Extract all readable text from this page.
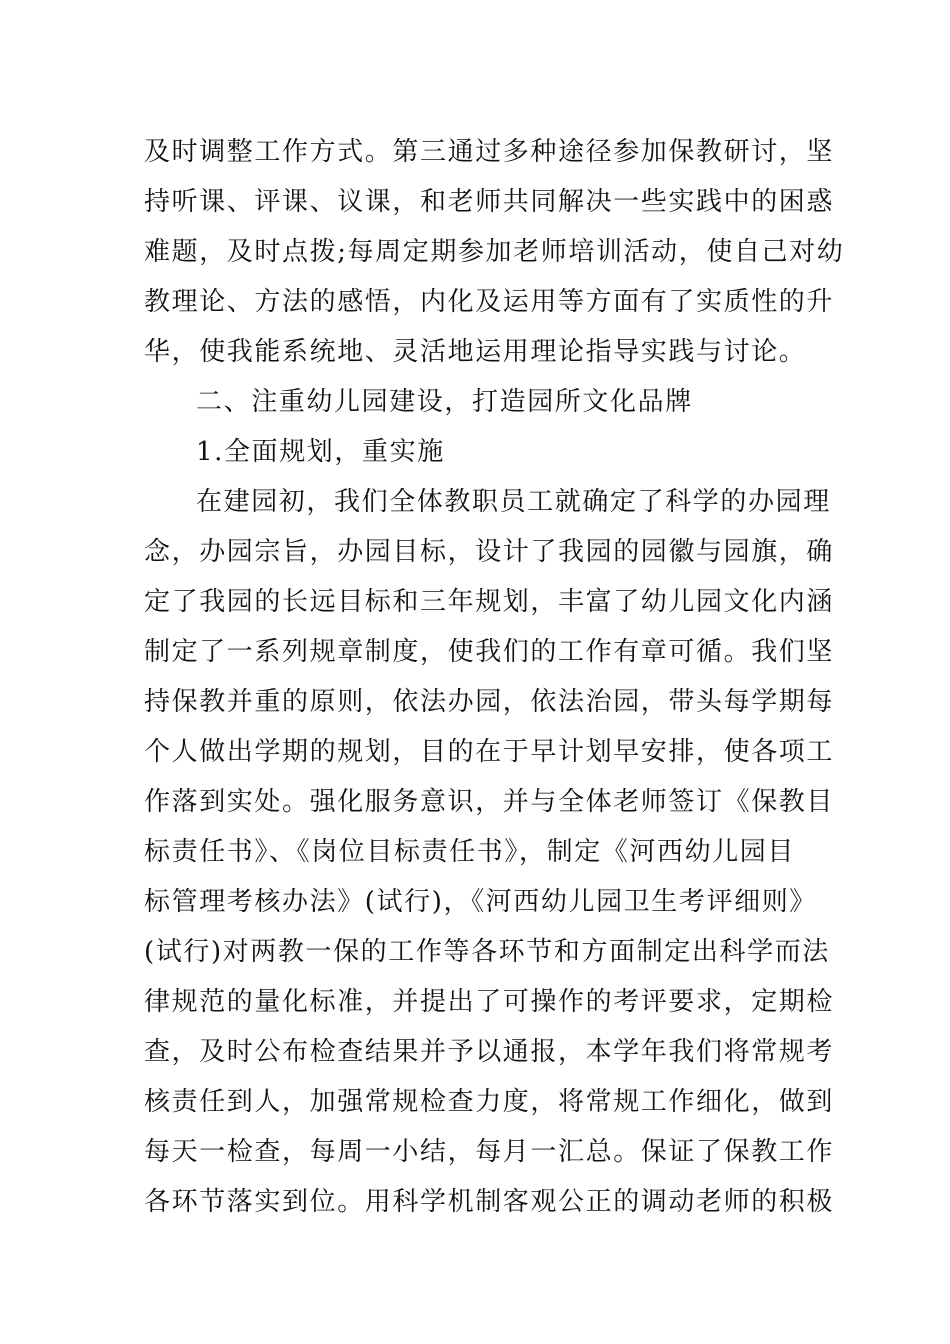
及时调整工作方式。第三通过多种途径参加保教研讨，坚
持听课、评课、议课，和老师共同解决一些实践中的困惑
难题，及时点拨;每周定期参加老师培训活动，使自己对幼
教理论、方法的感悟，内化及运用等方面有了实质性的升
华，使我能系统地、灵活地运用理论指导实践与讨论。
二、注重幼儿园建设，打造园所文化品牌
1.全面规划，重实施
在建园初，我们全体教职员工就确定了科学的办园理
念，办园宗旨，办园目标，设计了我园的园徽与园旗，确
定了我园的长远目标和三年规划，丰富了幼儿园文化内涵
制定了一系列规章制度，使我们的工作有章可循。我们坚
持保教并重的原则，依法办园，依法治园，带头每学期每
个人做出学期的规划，目的在于早计划早安排，使各项工
作落到实处。强化服务意识，并与全体老师签订《保教目
标责任书》、《岗位目标责任书》，制定《河西幼儿园目
标管理考核办法》(试行)，《河西幼儿园卫生考评细则》
(试行)对两教一保的工作等各环节和方面制定出科学而法
律规范的量化标准，并提出了可操作的考评要求，定期检
查，及时公布检查结果并予以通报，本学年我们将常规考
核责任到人，加强常规检查力度，将常规工作细化，做到
每天一检查，每周一小结，每月一汇总。保证了保教工作
各环节落实到位。用科学机制客观公正的调动老师的积极
